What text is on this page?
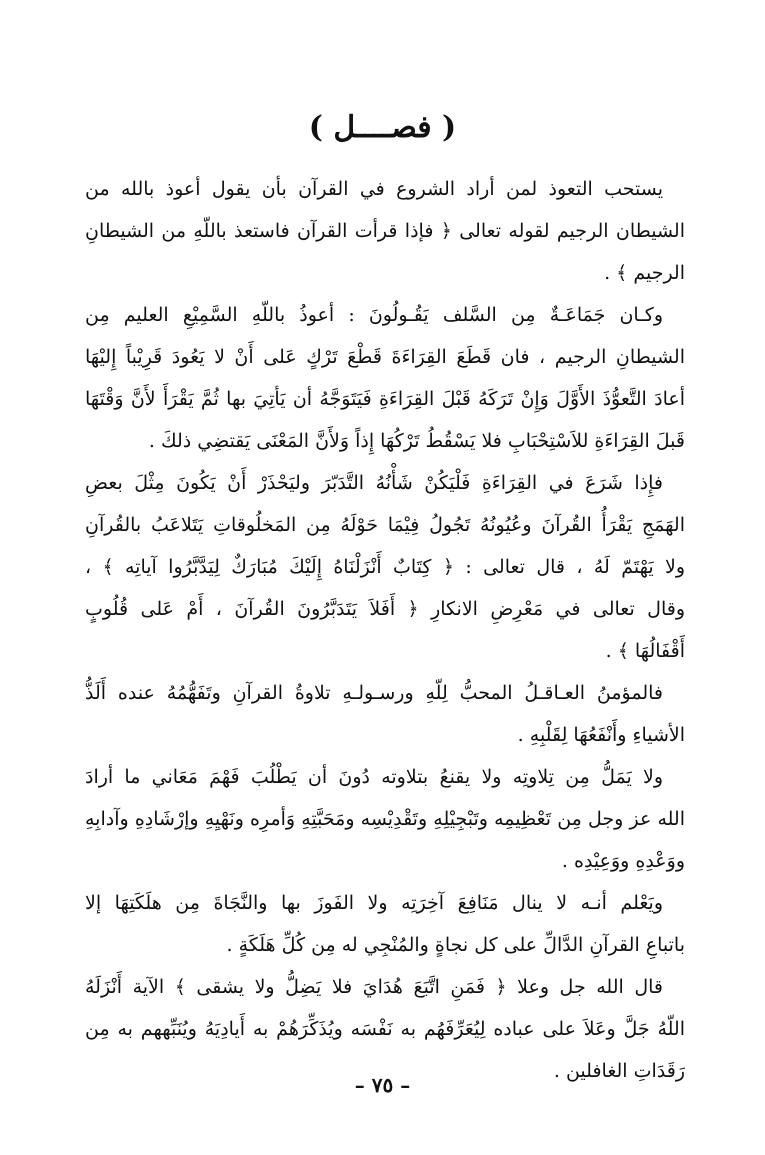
( فصــــل )
يستحب التعوذ لمن أراد الشروع في القرآن بأن يقول أعوذ بالله من
الشيطان الرجيم لقوله تعالى ﴿ فإذا قرأت القرآن فاستعذ باللّهِ من الشيطانِ
الرجيم ﴾ .
وكـان جَمَاعَـةٌ مِن السَّلف يَقُـولُونَ : أعوذُ باللّهِ السَّمِيْعِ العليم مِن
الشيطانِ الرجيم ، فان قَطَعَ القِرَاءَةَ قَطْعَ تَرْكٍ عَلى أَنْ لا يَعُودَ قَرِيْباً إِليْهَا
أعادَ التَّعوُّذَ الأَوَّلَ وَإِنْ تَرَكَهُ قَبْلَ القِرَاءَةِ فَيَتَوَجَّهُ أن يَأتِيَ بها ثُمَّ يَقْرَأَ لأَنَّ وَقْتَهَا
قَبلَ القِرَاءَةِ للاَسْتِحْبَابِ فلا يَسْقُطُ تَرْكُهَا إِذاً وَلأَنَّ المَعْنَى يَقتضِي ذلكَ .
فإِذا شَرَعَ في القِرَاءَةِ فَلْيَكُنْ شَأْنُهُ التَّدَبّرَ وليَحْذَرْ أَنْ يَكُونَ مِثْلَ بعضِ
الهَمَجِ يَقْرَأُ القُرآنَ وعُيُونُهُ تَجُولُ فِيْمَا حَوْلَهُ مِن المَخلُوقاتِ يَتَلاعَبُ بالقُرآنِ
ولا يَهْتَمّ لَهُ ، قال تعالى : ﴿ كِتَابٌ أَنْزَلْنَاهُ إِلَيْكَ مُبَارَكٌ لِيَدَّبَّرُوا آياتِه ﴾ ،
وقال تعالى في مَعْرِضِ الانكارِ ﴿ أَفَلاَ يَتَدَبَّرُونَ القُرآنَ ، أَمْ عَلى قُلُوبٍ
أَقْفَالُهَا ﴾ .
فالمؤمنُ العـاقـلُ المحبُّ لِلّهِ ورسـولـهِ تلاوةُ القرآنِ وتَفَهُّمُهُ عنده أَلَذُّ
الأشياءِ وأَنْفَعُهَا لِقَلْبِهِ .
ولا يَمَلُّ مِن تِلاوتِه ولا يقنعُ بتلاوته دُونَ أن يَطْلُبَ فَهْمَ مَعَاني ما أرادَ
الله عز وجل مِن تَعْظِيمِه وتَبْجِيْلِهِ وتَقْدِيْسِه ومَحَبَّتِهِ وَأمرِه ونَهْيِهِ وإرْشَادِهِ وآدابِهِ
ووَعْدِهِ ووَعِيْدِه .
ويَعْلم أنـه لا ينال مَنَافِعَ آخِرَتِه ولا الفَوزَ بها والنَّجَاةَ مِن هلَكَتِهَا إلا
باتباعِ القرآنِ الدَّالِّ على كل نجاةٍ والمُنْجِي له مِن كُلِّ هَلَكَةٍ .
قال الله جل وعلا ﴿ فَمَنِ اتَّبَعَ هُدَايَ فلا يَضِلُّ ولا يشقى ﴾ الآية أَنْزَلَهُ
اللّهُ جَلَّ وعَلاَ على عباده لِيُعَرِّفَهُم به نَفْسَه ويُذَكِّرَهُمْ به أَيادِيَهُ ويُنَبِّههم به مِن
رَقَدَاتِ الغافلين .
– ٧٥ –
